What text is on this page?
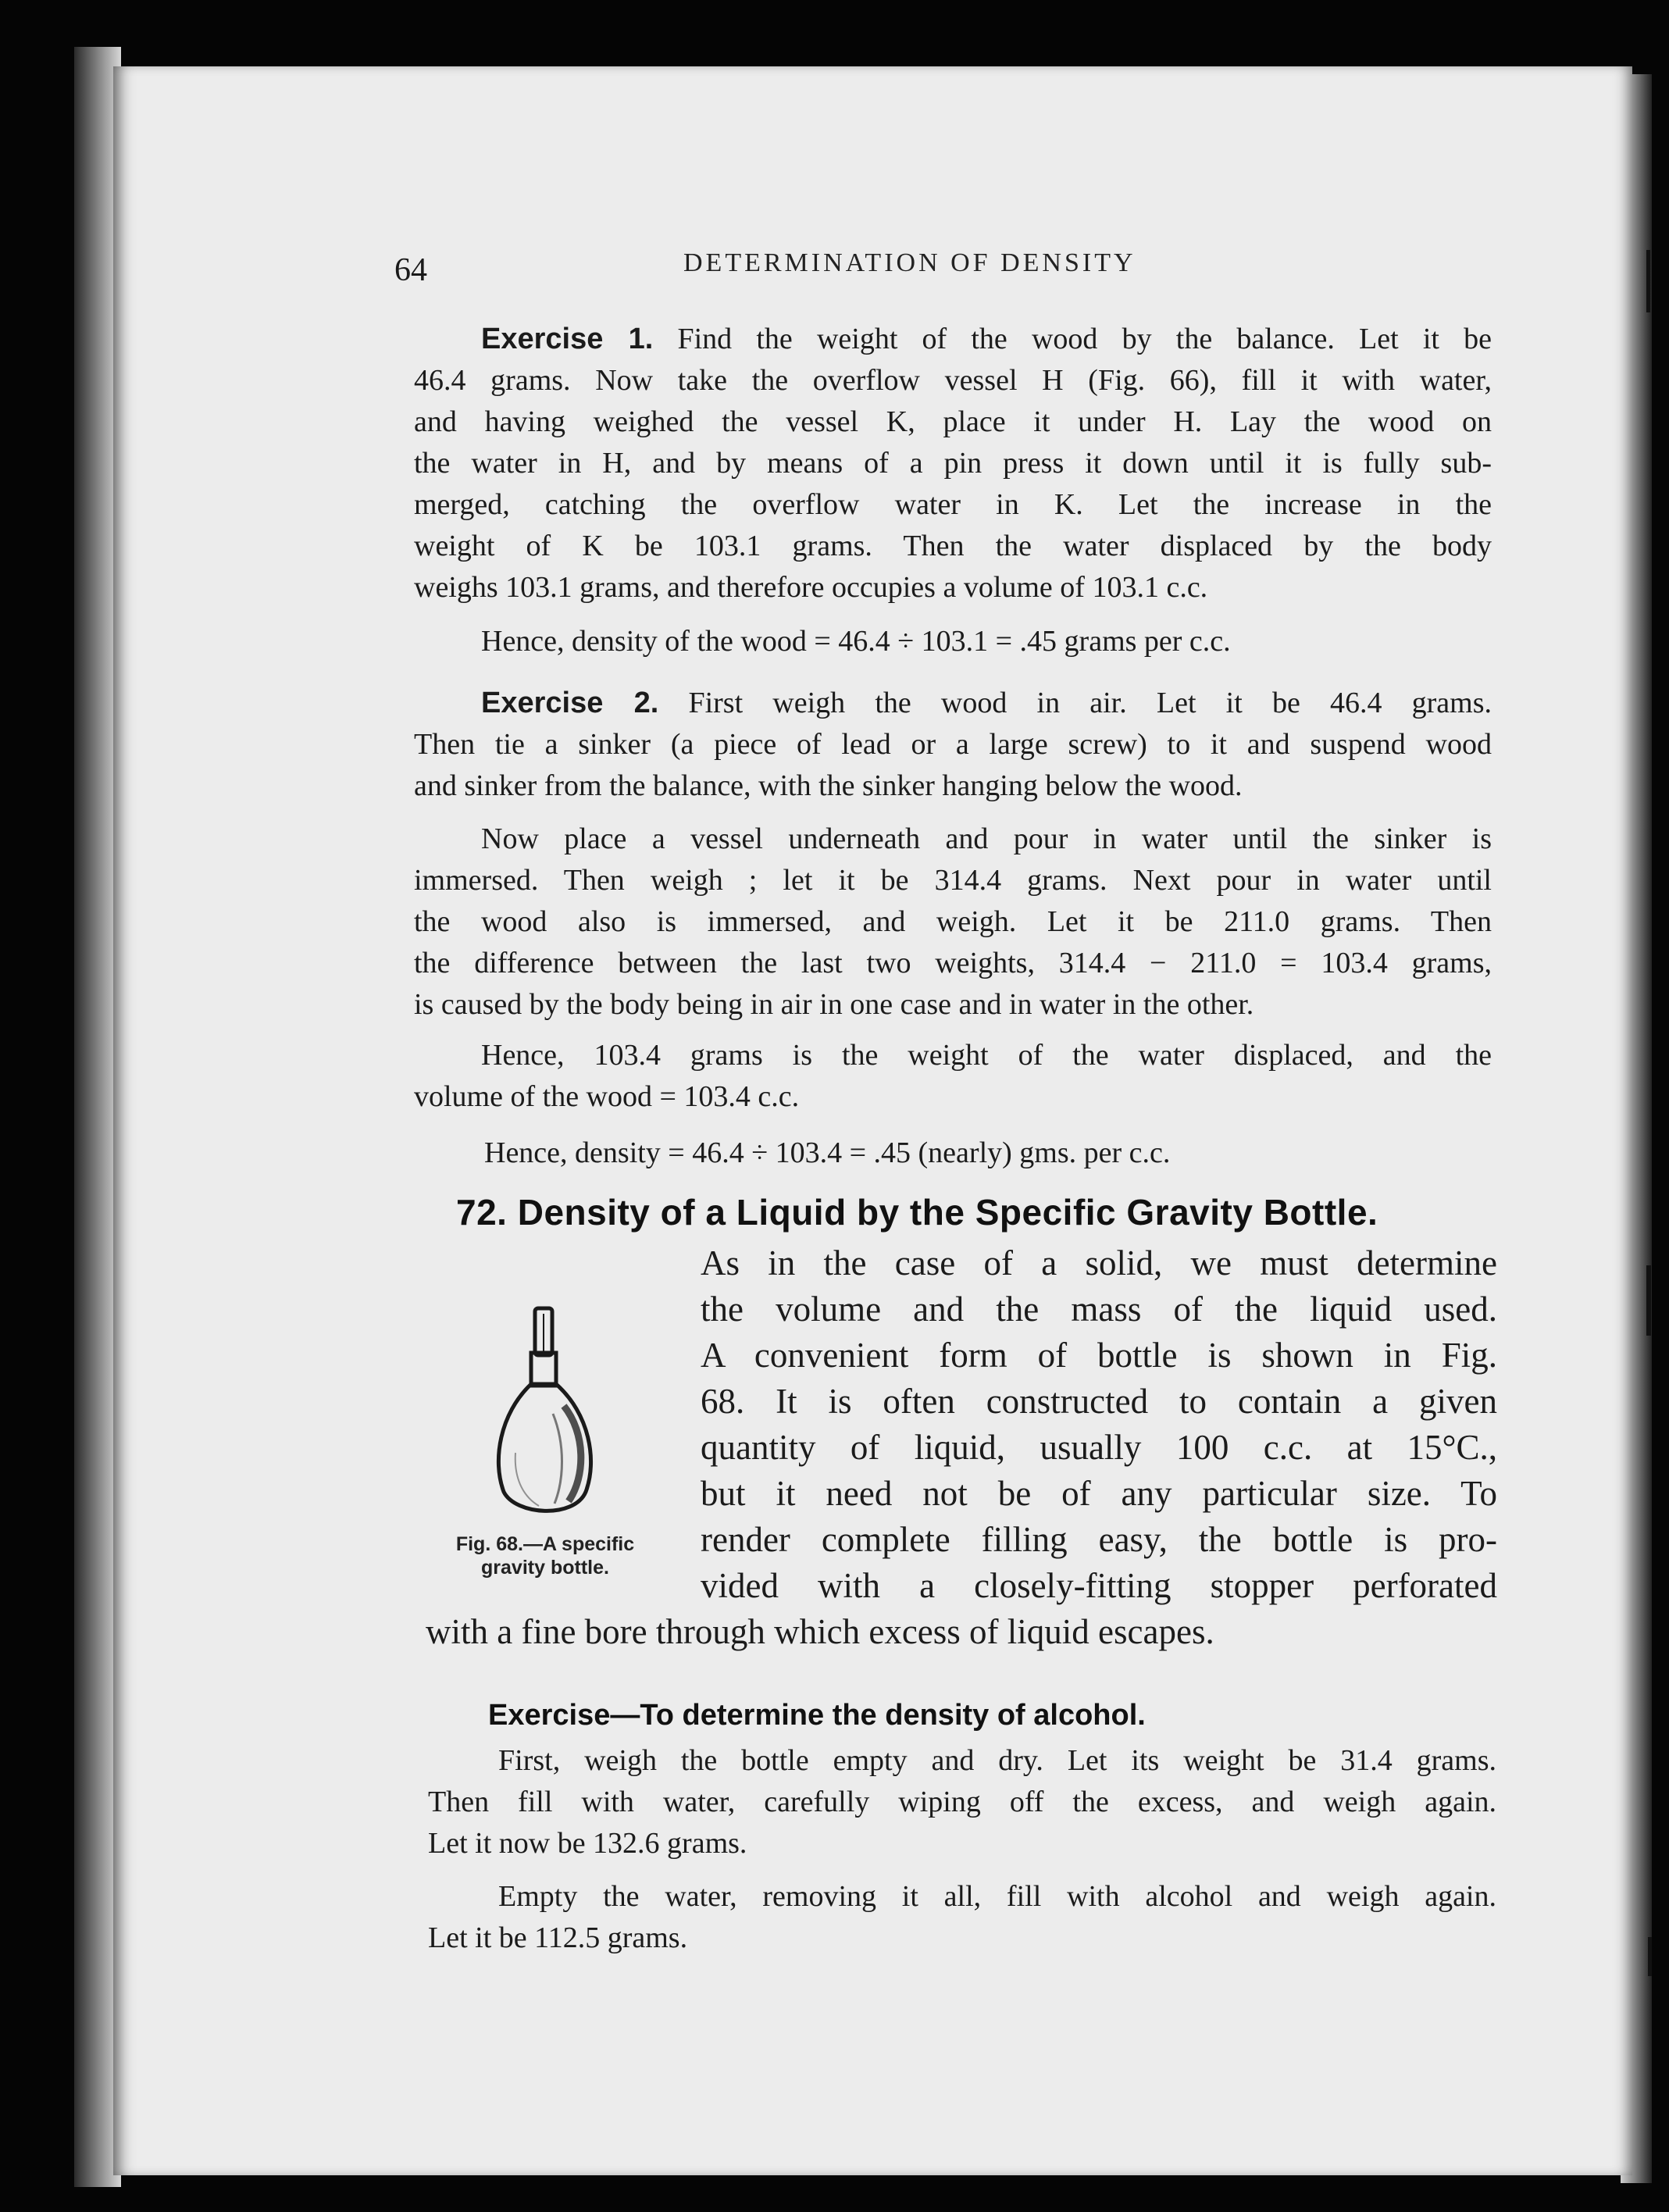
64	DETERMINATION OF DENSITY
Exercise 1. Find the weight of the wood by the balance. Let it be
46.4 grams. Now take the overflow vessel H (Fig. 66), fill it with water,
and having weighed the vessel K, place it under H. Lay the wood on
the water in H, and by means of a pin press it down until it is fully sub-
merged, catching the overflow water in K. Let the increase in the
weight of K be 103.1 grams. Then the water displaced by the body
weighs 103.1 grams, and therefore occupies a volume of 103.1 c.c.
Hence, density of the wood = 46.4 ÷ 103.1 = .45 grams per c.c.
Exercise 2. First weigh the wood in air. Let it be 46.4 grams.
Then tie a sinker (a piece of lead or a large screw) to it and suspend wood
and sinker from the balance, with the sinker hanging below the wood.
Now place a vessel underneath and pour in water until the sinker is
immersed. Then weigh ; let it be 314.4 grams. Next pour in water until
the wood also is immersed, and weigh. Let it be 211.0 grams. Then
the difference between the last two weights, 314.4 − 211.0 = 103.4 grams,
is caused by the body being in air in one case and in water in the other.
Hence, 103.4 grams is the weight of the water displaced, and the
volume of the wood = 103.4 c.c.
Hence, density = 46.4 ÷ 103.4 = .45 (nearly) gms. per c.c.
72. Density of a Liquid by the Specific Gravity Bottle.
As in the case of a solid, we must determine
the volume and the mass of the liquid used.
A convenient form of bottle is shown in Fig.
68. It is often constructed to contain a given
quantity of liquid, usually 100 c.c. at 15°C.,
but it need not be of any particular size. To
render complete filling easy, the bottle is pro-
vided with a closely-fitting stopper perforated
with a fine bore through which excess of liquid escapes.
Fig. 68.—A specific
gravity bottle.
Exercise—To determine the density of alcohol.
First, weigh the bottle empty and dry. Let its weight be 31.4 grams.
Then fill with water, carefully wiping off the excess, and weigh again.
Let it now be 132.6 grams.
Empty the water, removing it all, fill with alcohol and weigh again.
Let it be 112.5 grams.
